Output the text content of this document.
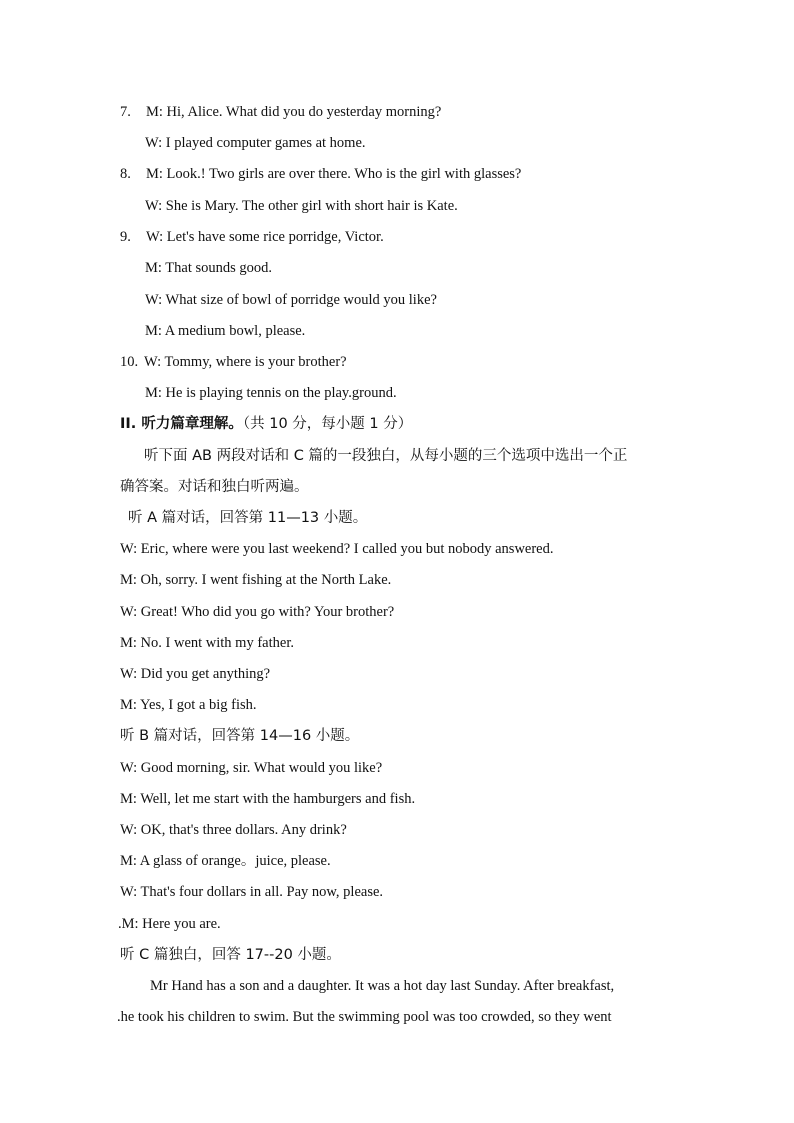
7. M: Hi, Alice. What did you do yesterday morning?
W: I played computer games at home.
8. M: Look.! Two girls are over there. Who is the girl with glasses?
W: She is Mary. The other girl with short hair is Kate.
9. W: Let's have some rice porridge, Victor.
M: That sounds good.
W: What size of bowl of porridge would you like?
M: A medium bowl, please.
10. W: Tommy, where is your brother?
M: He is playing tennis on the play.ground.
II. 听力篇章理解。（共 10 分，每小题 1 分）
听下面 AB 两段对话和 C 篇的一段独白，从每小题的三个选项中选出一个正
确答案。对话和独白听两遍。
听 A 篇对话，回答第 11—13 小题。
W: Eric, where were you last weekend? I called you but nobody answered.
M: Oh, sorry. I went fishing at the North Lake.
W: Great! Who did you go with? Your brother?
M: No. I went with my father.
W: Did you get anything?
M: Yes, I got a big fish.
听 B 篇对话，回答第 14—16 小题。
W: Good morning, sir. What would you like?
M: Well, let me start with the hamburgers and fish.
W: OK, that's three dollars. Any drink?
M: A glass of orange。juice, please.
W: That's four dollars in all. Pay now, please.
.M: Here you are.
听 C 篇独白，回答 17--20 小题。
Mr Hand has a son and a daughter. It was a hot day last Sunday. After breakfast,
.he took his children to swim. But the swimming pool was too crowded, so they went
